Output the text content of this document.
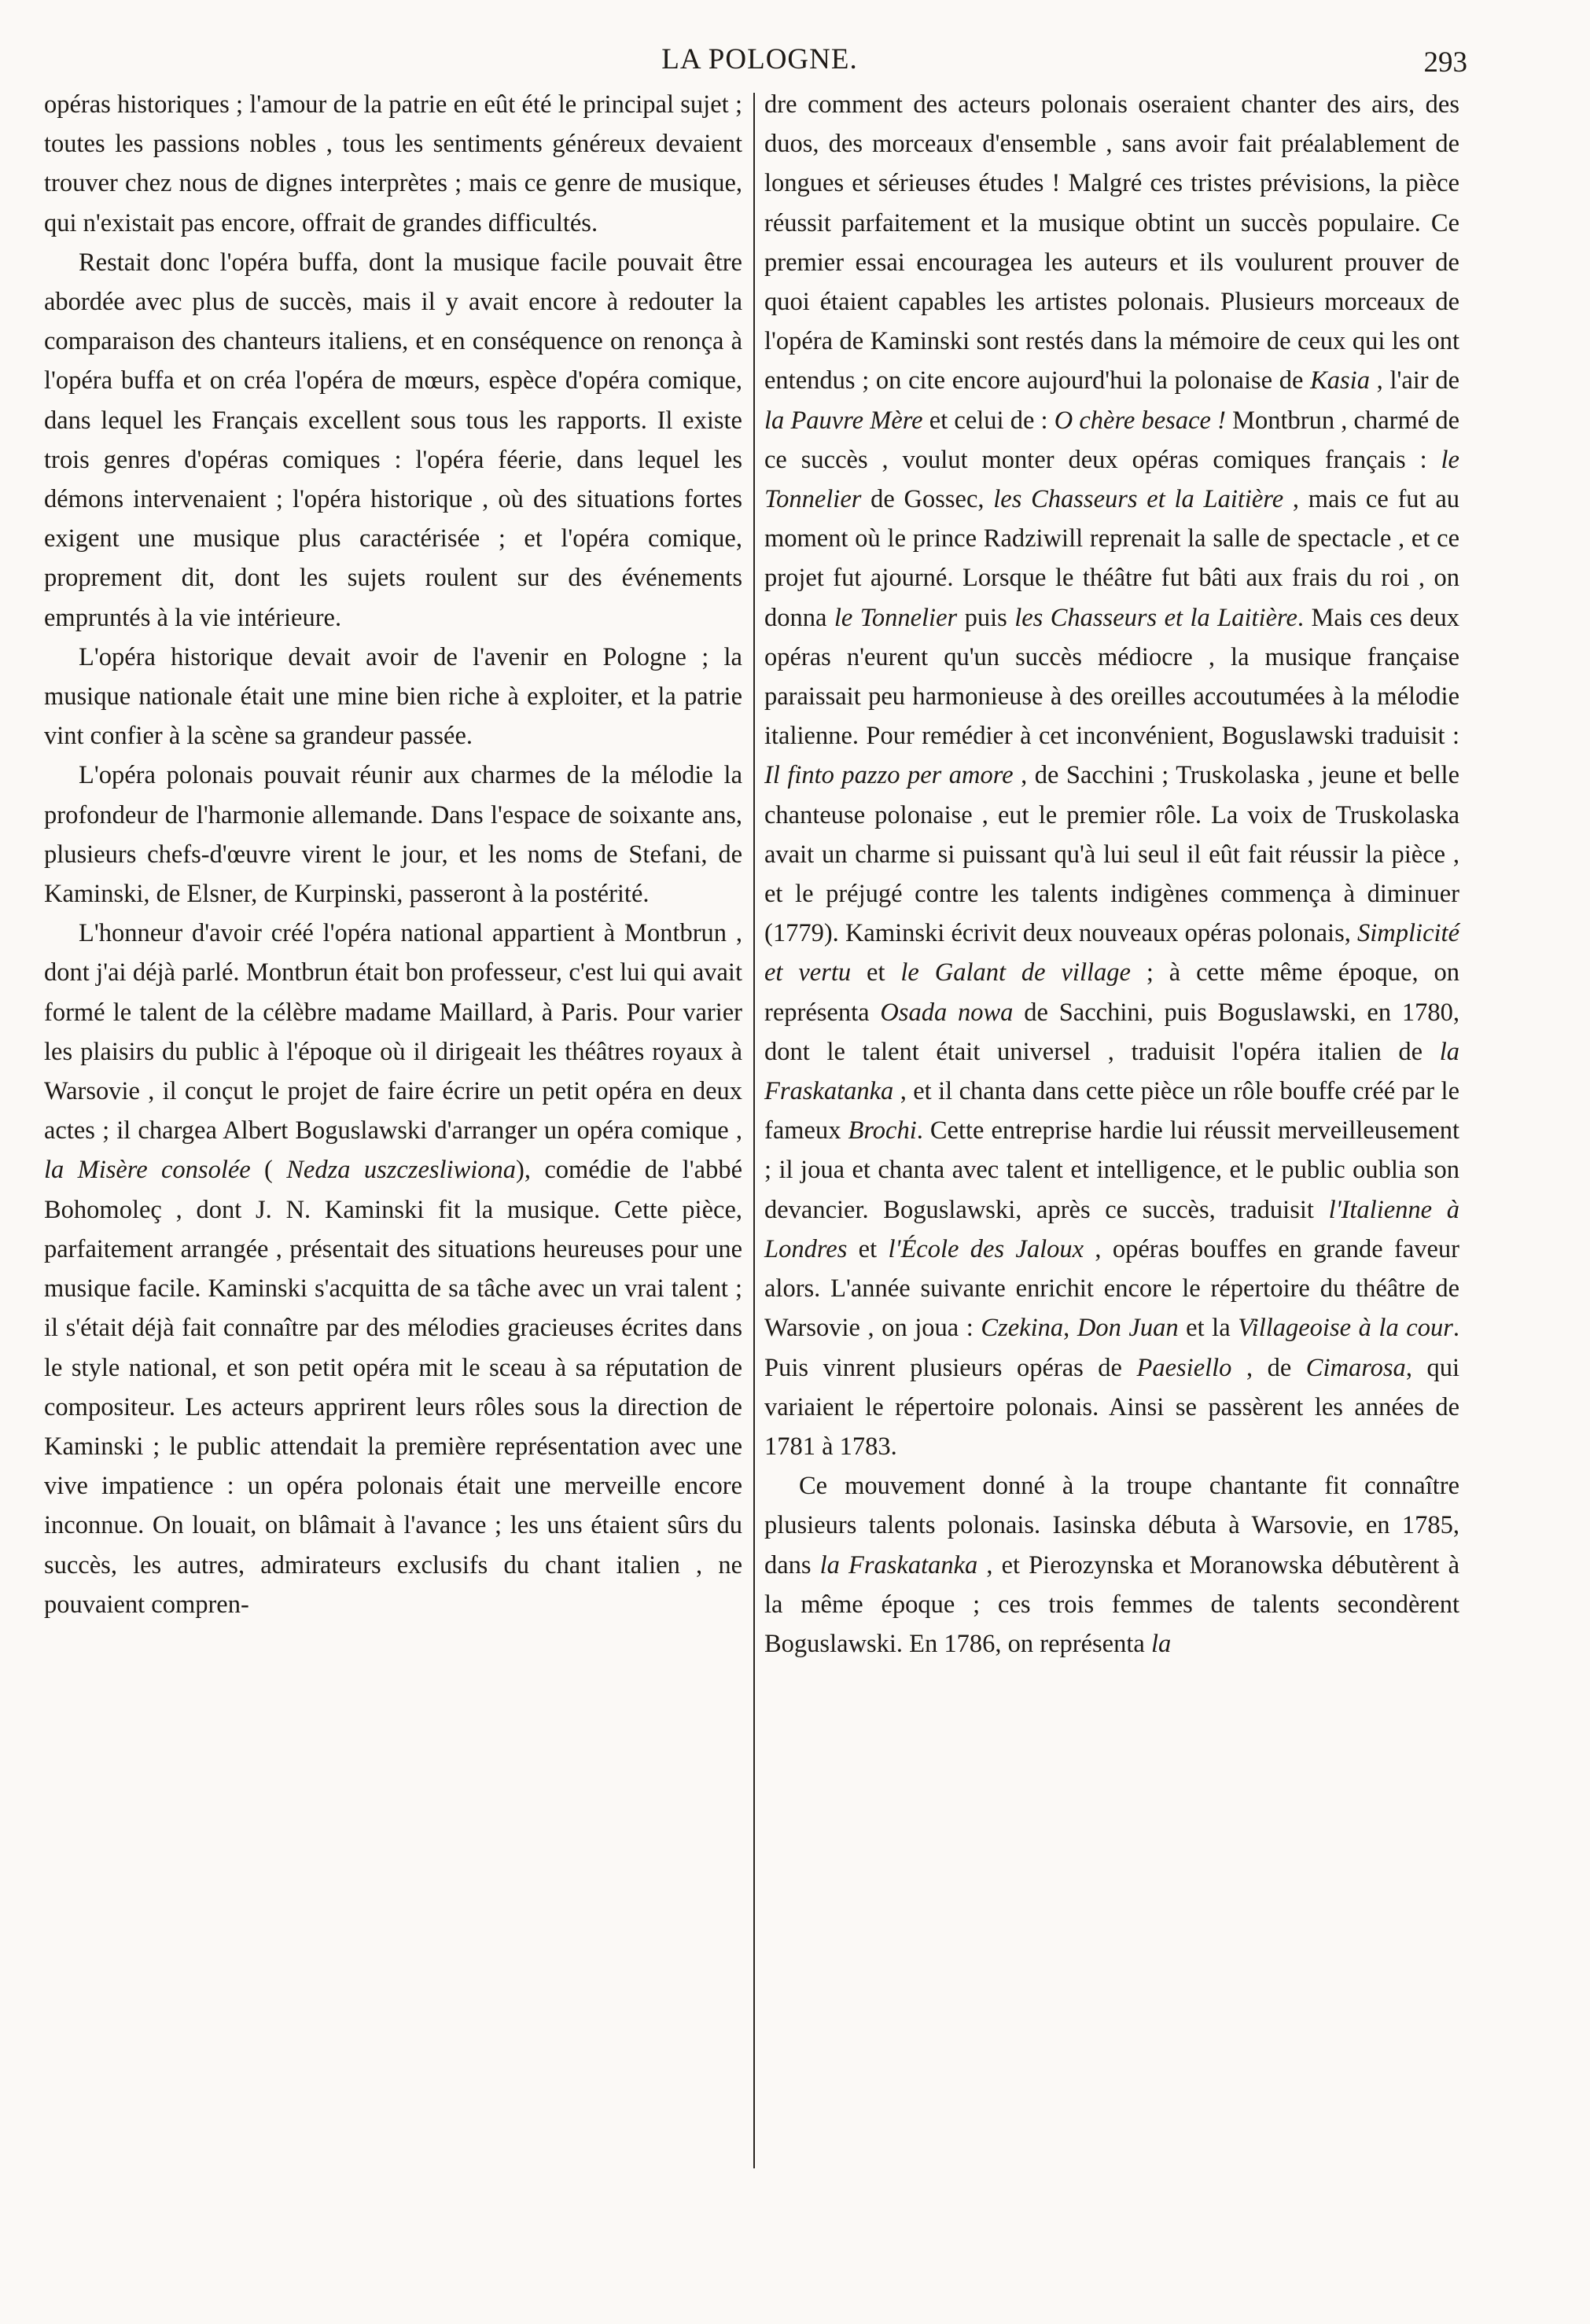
LA POLOGNE.	293

opéras historiques ; l'amour de la patrie en eût été le principal sujet ; toutes les passions nobles , tous les sentiments généreux devaient trouver chez nous de dignes interprètes ; mais ce genre de musique, qui n'existait pas encore, offrait de grandes difficultés.

Restait donc l'opéra buffa, dont la musique facile pouvait être abordée avec plus de succès, mais il y avait encore à redouter la comparaison des chanteurs italiens, et en conséquence on renonça à l'opéra buffa et on créa l'opéra de mœurs, espèce d'opéra comique, dans lequel les Français excellent sous tous les rapports. Il existe trois genres d'opéras comiques : l'opéra féerie, dans lequel les démons intervenaient ; l'opéra historique , où des situations fortes exigent une musique plus caractérisée ; et l'opéra comique, proprement dit, dont les sujets roulent sur des événements empruntés à la vie intérieure.

L'opéra historique devait avoir de l'avenir en Pologne ; la musique nationale était une mine bien riche à exploiter, et la patrie vint confier à la scène sa grandeur passée.

L'opéra polonais pouvait réunir aux charmes de la mélodie la profondeur de l'harmonie allemande. Dans l'espace de soixante ans, plusieurs chefs-d'œuvre virent le jour, et les noms de Stefani, de Kaminski, de Elsner, de Kurpinski, passeront à la postérité.

L'honneur d'avoir créé l'opéra national appartient à Montbrun , dont j'ai déjà parlé. Montbrun était bon professeur, c'est lui qui avait formé le talent de la célèbre madame Maillard, à Paris. Pour varier les plaisirs du public à l'époque où il dirigeait les théâtres royaux à Warsovie , il conçut le projet de faire écrire un petit opéra en deux actes ; il chargea Albert Boguslawski d'arranger un opéra comique , la Misère consolée ( Nedza uszczesliwiona), comédie de l'abbé Bohomoleç , dont J. N. Kaminski fit la musique. Cette pièce, parfaitement arrangée , présentait des situations heureuses pour une musique facile. Kaminski s'acquitta de sa tâche avec un vrai talent ; il s'était déjà fait connaître par des mélodies gracieuses écrites dans le style national, et son petit opéra mit le sceau à sa réputation de compositeur. Les acteurs apprirent leurs rôles sous la direction de Kaminski ; le public attendait la première représentation avec une vive impatience : un opéra polonais était une merveille encore inconnue. On louait, on blâmait à l'avance ; les uns étaient sûrs du succès, les autres, admirateurs exclusifs du chant italien , ne pouvaient compren-

dre comment des acteurs polonais oseraient chanter des airs, des duos, des morceaux d'ensemble , sans avoir fait préalablement de longues et sérieuses études ! Malgré ces tristes prévisions, la pièce réussit parfaitement et la musique obtint un succès populaire. Ce premier essai encouragea les auteurs et ils voulurent prouver de quoi étaient capables les artistes polonais. Plusieurs morceaux de l'opéra de Kaminski sont restés dans la mémoire de ceux qui les ont entendus ; on cite encore aujourd'hui la polonaise de Kasia , l'air de la Pauvre Mère et celui de : O chère besace ! Montbrun , charmé de ce succès , voulut monter deux opéras comiques français : le Tonnelier de Gossec, les Chasseurs et la Laitière , mais ce fut au moment où le prince Radziwill reprenait la salle de spectacle , et ce projet fut ajourné. Lorsque le théâtre fut bâti aux frais du roi , on donna le Tonnelier puis les Chasseurs et la Laitière. Mais ces deux opéras n'eurent qu'un succès médiocre , la musique française paraissait peu harmonieuse à des oreilles accoutumées à la mélodie italienne. Pour remédier à cet inconvénient, Boguslawski traduisit : Il finto pazzo per amore , de Sacchini ; Truskolaska , jeune et belle chanteuse polonaise , eut le premier rôle. La voix de Truskolaska avait un charme si puissant qu'à lui seul il eût fait réussir la pièce , et le préjugé contre les talents indigènes commença à diminuer (1779). Kaminski écrivit deux nouveaux opéras polonais, Simplicité et vertu et le Galant de village ; à cette même époque, on représenta Osada nowa de Sacchini, puis Boguslawski, en 1780, dont le talent était universel , traduisit l'opéra italien de la Fraskatanka , et il chanta dans cette pièce un rôle bouffe créé par le fameux Brochi. Cette entreprise hardie lui réussit merveilleusement ; il joua et chanta avec talent et intelligence, et le public oublia son devancier. Boguslawski, après ce succès, traduisit l'Italienne à Londres et l'École des Jaloux , opéras bouffes en grande faveur alors. L'année suivante enrichit encore le répertoire du théâtre de Warsovie , on joua : Czekina, Don Juan et la Villageoise à la cour. Puis vinrent plusieurs opéras de Paesiello , de Cimarosa, qui variaient le répertoire polonais. Ainsi se passèrent les années de 1781 à 1783.

Ce mouvement donné à la troupe chantante fit connaître plusieurs talents polonais. Iasinska débuta à Warsovie, en 1785, dans la Fraskatanka , et Pierozynska et Moranowska débutèrent à la même époque ; ces trois femmes de talents secondèrent Boguslawski. En 1786, on représenta la
